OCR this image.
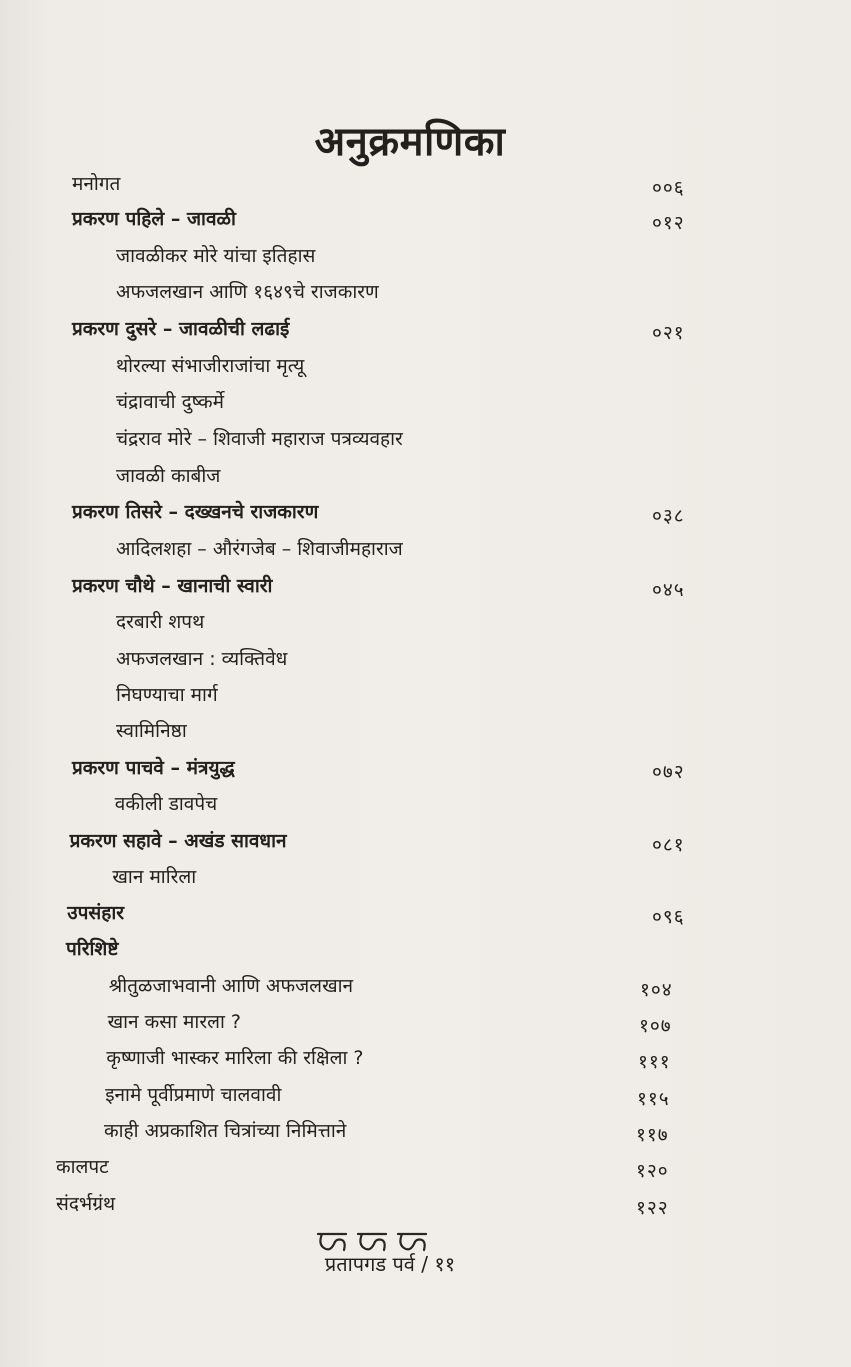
अनुक्रमणिका
मनोगत	००६
प्रकरण पहिले – जावळी	०१२
जावळीकर मोरे यांचा इतिहास
अफजलखान आणि १६४९चे राजकारण
प्रकरण दुसरे – जावळीची लढाई	०२१
थोरल्या संभाजीराजांचा मृत्यू
चंद्रावाची दुष्कर्मे
चंद्रराव मोरे – शिवाजी महाराज पत्रव्यवहार
जावळी काबीज
प्रकरण तिसरे – दख्खनचे राजकारण	०३८
आदिलशहा – औरंगजेब – शिवाजीमहाराज
प्रकरण चौथे – खानाची स्वारी	०४५
दरबारी शपथ
अफजलखान : व्यक्तिवेध
निघण्याचा मार्ग
स्वामिनिष्ठा
प्रकरण पाचवे – मंत्रयुद्ध	०७२
वकीली डावपेच
प्रकरण सहावे – अखंड सावधान	०८१
खान मारिला
उपसंहार	०९६
परिशिष्टे
श्रीतुळजाभवानी आणि अफजलखान	१०४
खान कसा मारला ?	१०७
कृष्णाजी भास्कर मारिला की रक्षिला ?	१११
इनामे पूर्वीप्रमाणे चालवावी	११५
काही अप्रकाशित चित्रांच्या निमित्ताने	११७
कालपट	१२०
संदर्भग्रंथ	१२२
प्रतापगड पर्व / ११
